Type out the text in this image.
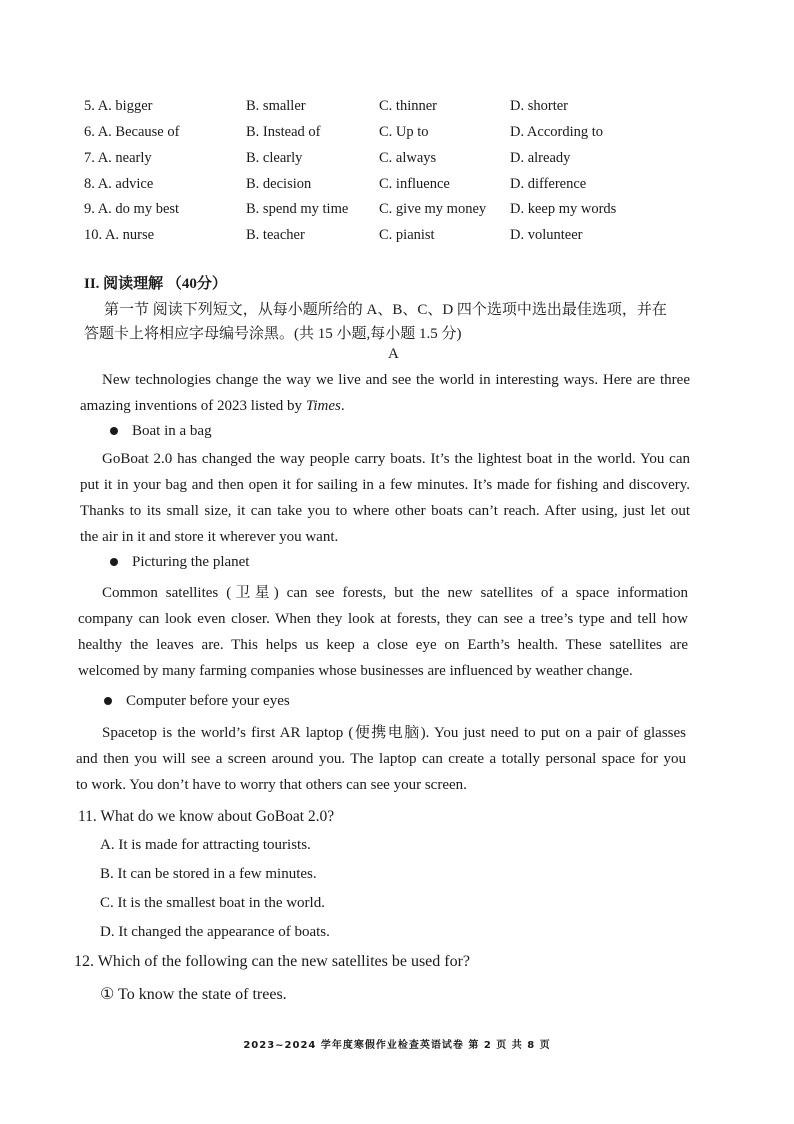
5. A. bigger	B. smaller	C. thinner	D. shorter
6. A. Because of	B. Instead of	C. Up to	D. According to
7. A. nearly	B. clearly	C. always	D. already
8. A. advice	B. decision	C. influence	D. difference
9. A. do my best	B. spend my time C. give my money D. keep my words
10. A. nurse	B. teacher	C. pianist	D. volunteer
II. 阅读理解 （40分）
第一节 阅读下列短文，从每小题所给的 A、B、C、D 四个选项中选出最佳选项，并在
答题卡上将相应字母编号涂黑。(共 15 小题,每小题 1.5 分)
A
New technologies change the way we live and see the world in interesting ways. Here are three
amazing inventions of 2023 listed by Times.
Boat in a bag
GoBoat 2.0 has changed the way people carry boats. It’s the lightest boat in the world. You can
put it in your bag and then open it for sailing in a few minutes. It’s made for fishing and discovery.
Thanks to its small size, it can take you to where other boats can’t reach. After using, just let out
the air in it and store it wherever you want.
Picturing the planet
Common satellites (卫星) can see forests, but the new satellites of a space information
company can look even closer. When they look at forests, they can see a tree’s type and tell how
healthy the leaves are. This helps us keep a close eye on Earth’s health. These satellites are
welcomed by many farming companies whose businesses are influenced by weather change.
Computer before your eyes
Spacetop is the world’s first AR laptop (便携电脑). You just need to put on a pair of glasses
and then you will see a screen around you. The laptop can create a totally personal space for you
to work. You don’t have to worry that others can see your screen.
11. What do we know about GoBoat 2.0?
A. It is made for attracting tourists.
B. It can be stored in a few minutes.
C. It is the smallest boat in the world.
D. It changed the appearance of boats.
12. Which of the following can the new satellites be used for?
① To know the state of trees.
2023~2024 学年度寒假作业检查英语试卷 第 2 页 共 8 页
